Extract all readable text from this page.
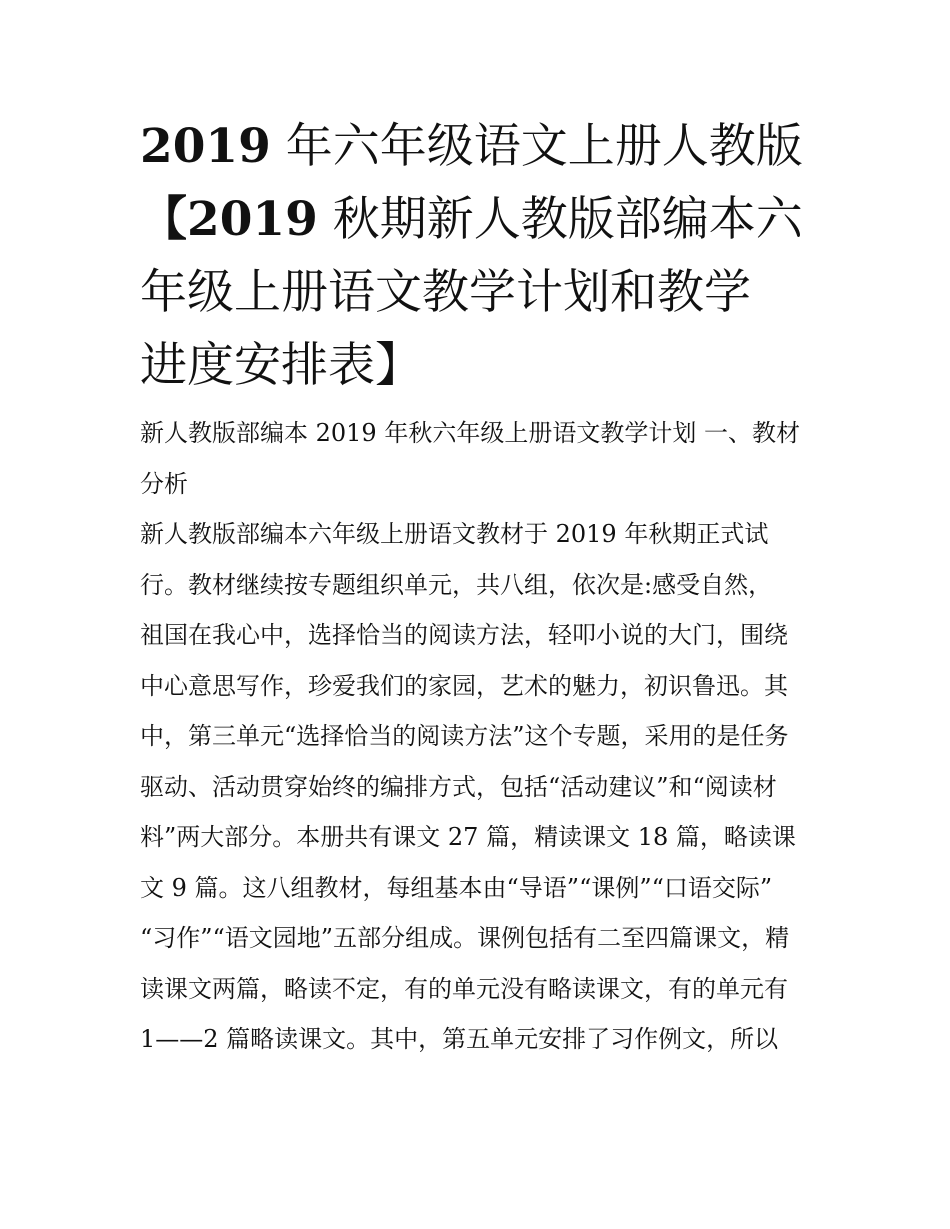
2019 年六年级语文上册人教版
【2019 秋期新人教版部编本六
年级上册语文教学计划和教学
进度安排表】
新人教版部编本 2019 年秋六年级上册语文教学计划 一、教材
分析
新人教版部编本六年级上册语文教材于 2019 年秋期正式试
行。教材继续按专题组织单元，共八组，依次是:感受自然，
祖国在我心中，选择恰当的阅读方法，轻叩小说的大门，围绕
中心意思写作，珍爱我们的家园，艺术的魅力，初识鲁迅。其
中，第三单元“选择恰当的阅读方法”这个专题，采用的是任务
驱动、活动贯穿始终的编排方式，包括“活动建议”和“阅读材
料”两大部分。本册共有课文 27 篇，精读课文 18 篇，略读课
文 9 篇。这八组教材，每组基本由“导语”“课例”“口语交际”
“习作”“语文园地”五部分组成。课例包括有二至四篇课文，精
读课文两篇，略读不定，有的单元没有略读课文，有的单元有
1——2 篇略读课文。其中，第五单元安排了习作例文，所以
